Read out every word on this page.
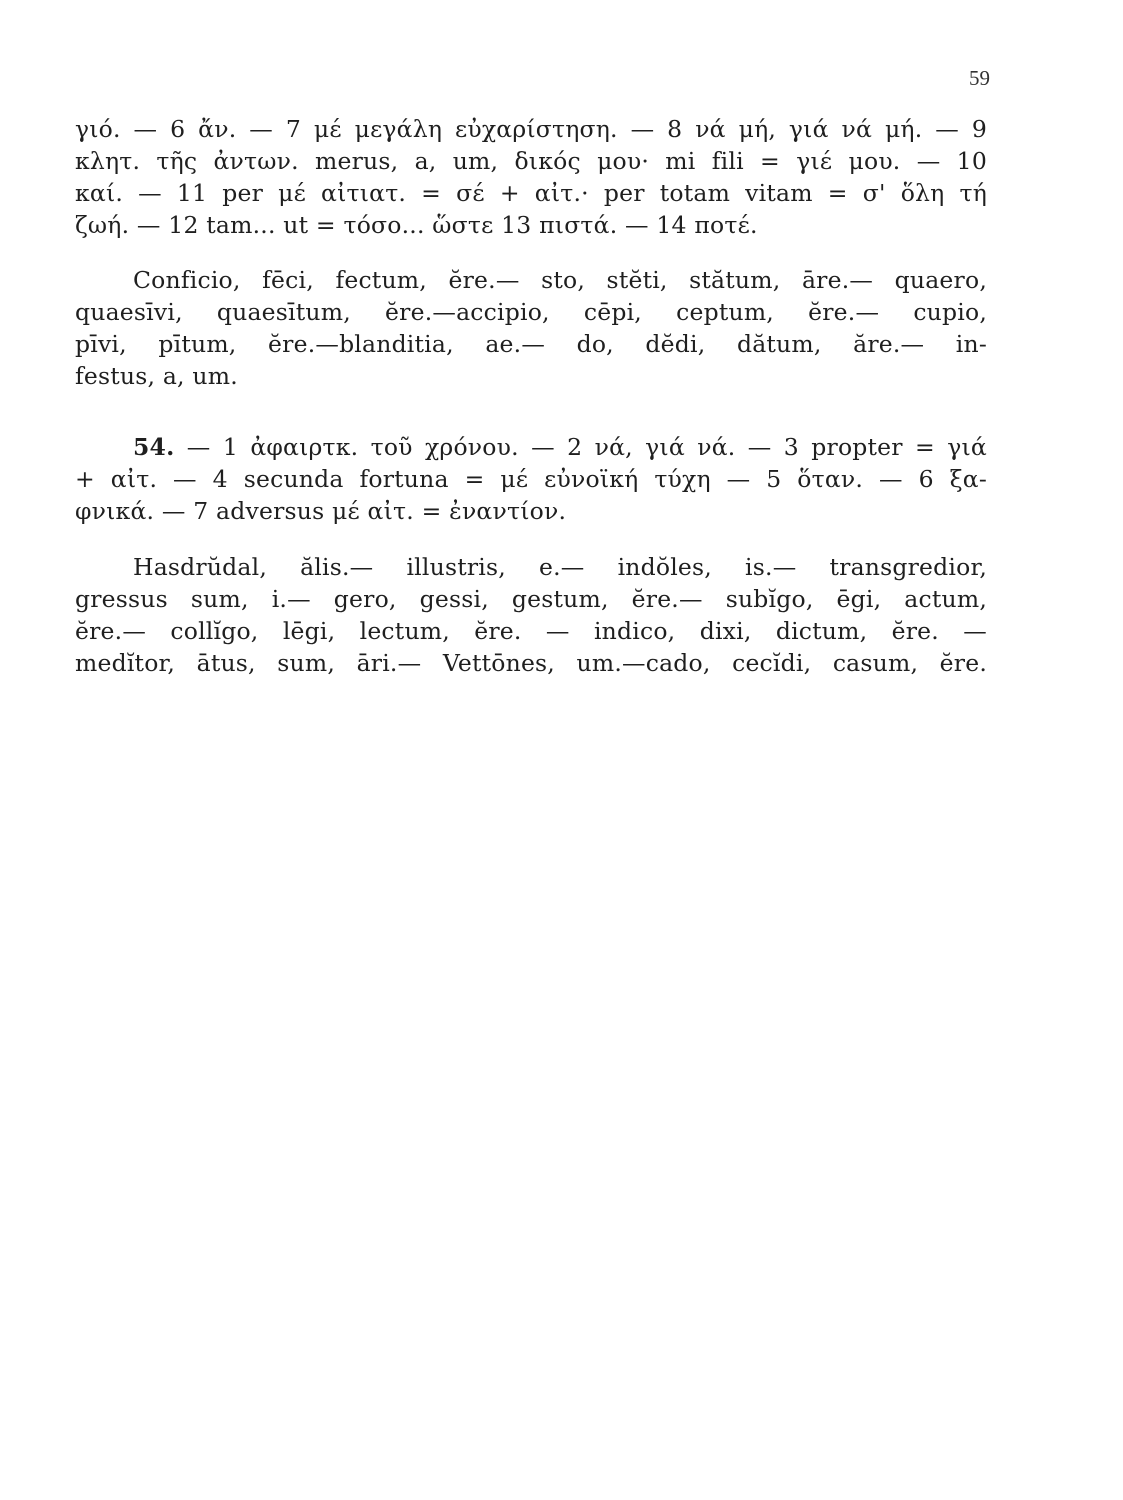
59
γιό. — 6 ἄν. — 7 μέ μεγάλη εὐχαρίστηση. — 8 νά μή, γιά νά μή. — 9
κλητ. τῆς ἀντων. merus, a, um, δικός μου· mi fili = γιέ μου. — 10
καί. — 11 per μέ αἰτιατ. = σέ + αἰτ.· per totam vitam = σ' ὅλη τή
ζωή. — 12 tam... ut = τόσο... ὥστε 13 πιστά. — 14 ποτέ.
Conficio, fēci, fectum, ĕre.— sto, stĕti, stătum, āre.— quaero,
quaesīvi, quaesītum, ĕre.—accipio, cēpi, ceptum, ĕre.— cupio,
pīvi, pītum, ĕre.—blanditia, ae.— do, dĕdi, dătum, ăre.— in-
festus, a, um.
54. — 1 ἀφαιρτκ. τοῦ χρόνου. — 2 νά, γιά νά. — 3 propter = γιά
+ αἰτ. — 4 secunda fortuna = μέ εὐνοϊκή τύχη — 5 ὅταν. — 6 ξα-
φνικά. — 7 adversus μέ αἰτ. = ἐναντίον.
Hasdrŭdal, ălis.— illustris, e.— indŏles, is.— transgredior,
gressus sum, i.— gero, gessi, gestum, ĕre.— subĭgo, ēgi, actum,
ĕre.— collĭgo, lēgi, lectum, ĕre. — indico, dixi, dictum, ĕre. —
medĭtor, ātus, sum, āri.— Vettōnes, um.—cado, cecĭdi, casum, ĕre.
